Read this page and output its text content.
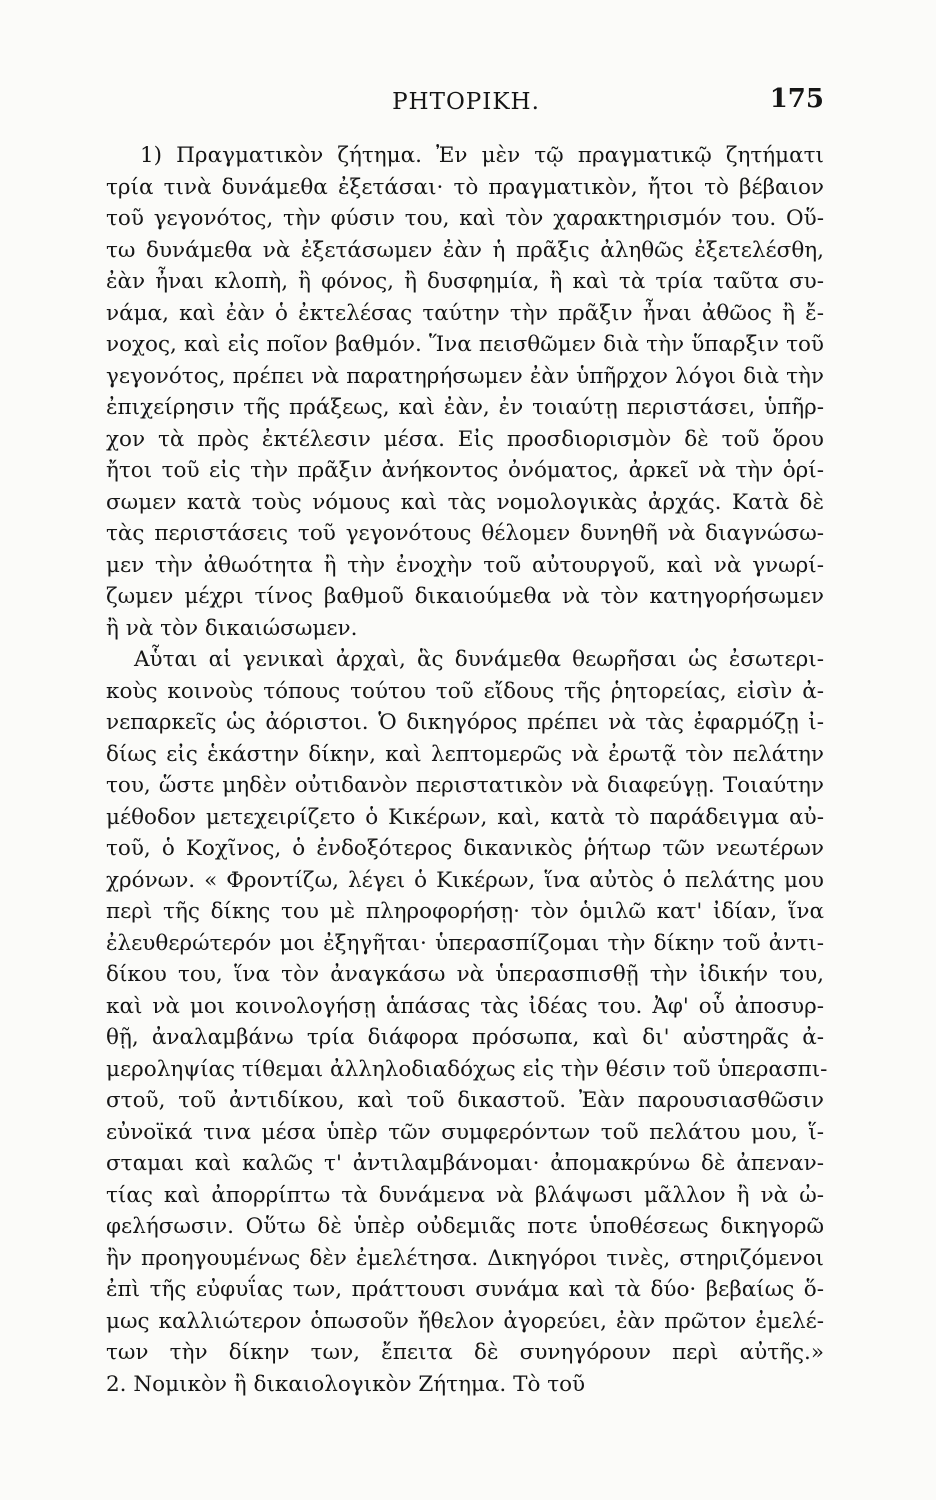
ΡΗΤΟΡΙΚΗ.	175
1) Πραγματικὸν ζήτημα. Ἐν μὲν τῷ πραγματικῷ ζητήματι
τρία τινὰ δυνάμεθα ἐξετάσαι· τὸ πραγματικὸν, ἤτοι τὸ βέβαιον
τοῦ γεγονότος, τὴν φύσιν του, καὶ τὸν χαρακτηρισμόν του. Οὕ-
τω δυνάμεθα νὰ ἐξετάσωμεν ἐὰν ἡ πρᾶξις ἀληθῶς ἐξετελέσθη,
ἐὰν ἦναι κλοπὴ, ἢ φόνος, ἢ δυσφημία, ἢ καὶ τὰ τρία ταῦτα συ-
νάμα, καὶ ἐὰν ὁ ἐκτελέσας ταύτην τὴν πρᾶξιν ἦναι ἀθῶος ἢ ἔ-
νοχος, καὶ εἰς ποῖον βαθμόν. Ἵνα πεισθῶμεν διὰ τὴν ὕπαρξιν τοῦ
γεγονότος, πρέπει νὰ παρατηρήσωμεν ἐὰν ὑπῆρχον λόγοι διὰ τὴν
ἐπιχείρησιν τῆς πράξεως, καὶ ἐὰν, ἐν τοιαύτῃ περιστάσει, ὑπῆρ-
χον τὰ πρὸς ἐκτέλεσιν μέσα. Εἰς προσδιορισμὸν δὲ τοῦ ὅρου
ἤτοι τοῦ εἰς τὴν πρᾶξιν ἀνήκοντος ὀνόματος, ἀρκεῖ νὰ τὴν ὁρί-
σωμεν κατὰ τοὺς νόμους καὶ τὰς νομολογικὰς ἀρχάς. Κατὰ δὲ
τὰς περιστάσεις τοῦ γεγονότους θέλομεν δυνηθῆ νὰ διαγνώσω-
μεν τὴν ἀθωότητα ἢ τὴν ἐνοχὴν τοῦ αὐτουργοῦ, καὶ νὰ γνωρί-
ζωμεν μέχρι τίνος βαθμοῦ δικαιούμεθα νὰ τὸν κατηγορήσωμεν
ἢ νὰ τὸν δικαιώσωμεν.
Αὗται αἱ γενικαὶ ἀρχαὶ, ἃς δυνάμεθα θεωρῆσαι ὡς ἐσωτερι-
κοὺς κοινοὺς τόπους τούτου τοῦ εἴδους τῆς ῥητορείας, εἰσὶν ἀ-
νεπαρκεῖς ὡς ἀόριστοι. Ὁ δικηγόρος πρέπει νὰ τὰς ἐφαρμόζῃ ἰ-
δίως εἰς ἑκάστην δίκην, καὶ λεπτομερῶς νὰ ἐρωτᾷ τὸν πελάτην
του, ὥστε μηδὲν οὐτιδανὸν περιστατικὸν νὰ διαφεύγῃ. Τοιαύτην
μέθοδον μετεχειρίζετο ὁ Κικέρων, καὶ, κατὰ τὸ παράδειγμα αὐ-
τοῦ, ὁ Κοχῖνος, ὁ ἐνδοξότερος δικανικὸς ῥήτωρ τῶν νεωτέρων
χρόνων. « Φροντίζω, λέγει ὁ Κικέρων, ἵνα αὐτὸς ὁ πελάτης μου
περὶ τῆς δίκης του μὲ πληροφορήσῃ· τὸν ὁμιλῶ κατ' ἰδίαν, ἵνα
ἐλευθερώτερόν μοι ἐξηγῆται· ὑπερασπίζομαι τὴν δίκην τοῦ ἀντι-
δίκου του, ἵνα τὸν ἀναγκάσω νὰ ὑπερασπισθῇ τὴν ἰδικήν του,
καὶ νὰ μοι κοινολογήσῃ ἁπάσας τὰς ἰδέας του. Ἀφ' οὗ ἀποσυρ-
θῇ, ἀναλαμβάνω τρία διάφορα πρόσωπα, καὶ δι' αὐστηρᾶς ἀ-
μεροληψίας τίθεμαι ἀλληλοδιαδόχως εἰς τὴν θέσιν τοῦ ὑπερασπι-
στοῦ, τοῦ ἀντιδίκου, καὶ τοῦ δικαστοῦ. Ἐὰν παρουσιασθῶσιν
εὐνοϊκά τινα μέσα ὑπὲρ τῶν συμφερόντων τοῦ πελάτου μου, ἵ-
σταμαι καὶ καλῶς τ' ἀντιλαμβάνομαι· ἀπομακρύνω δὲ ἀπεναν-
τίας καὶ ἀπορρίπτω τὰ δυνάμενα νὰ βλάψωσι μᾶλλον ἢ νὰ ὠ-
φελήσωσιν. Οὕτω δὲ ὑπὲρ οὐδεμιᾶς ποτε ὑποθέσεως δικηγορῶ
ἢν προηγουμένως δὲν ἐμελέτησα. Δικηγόροι τινὲς, στηριζόμενοι
ἐπὶ τῆς εὐφυΐας των, πράττουσι συνάμα καὶ τὰ δύο· βεβαίως ὅ-
μως καλλιώτερον ὁπωσοῦν ἤθελον ἀγορεύει, ἐὰν πρῶτον ἐμελέ-
των τὴν δίκην των, ἔπειτα δὲ συνηγόρουν περὶ αὐτῆς.»
2. Νομικὸν ἢ δικαιολογικὸν Ζήτημα. Τὸ τοῦ
